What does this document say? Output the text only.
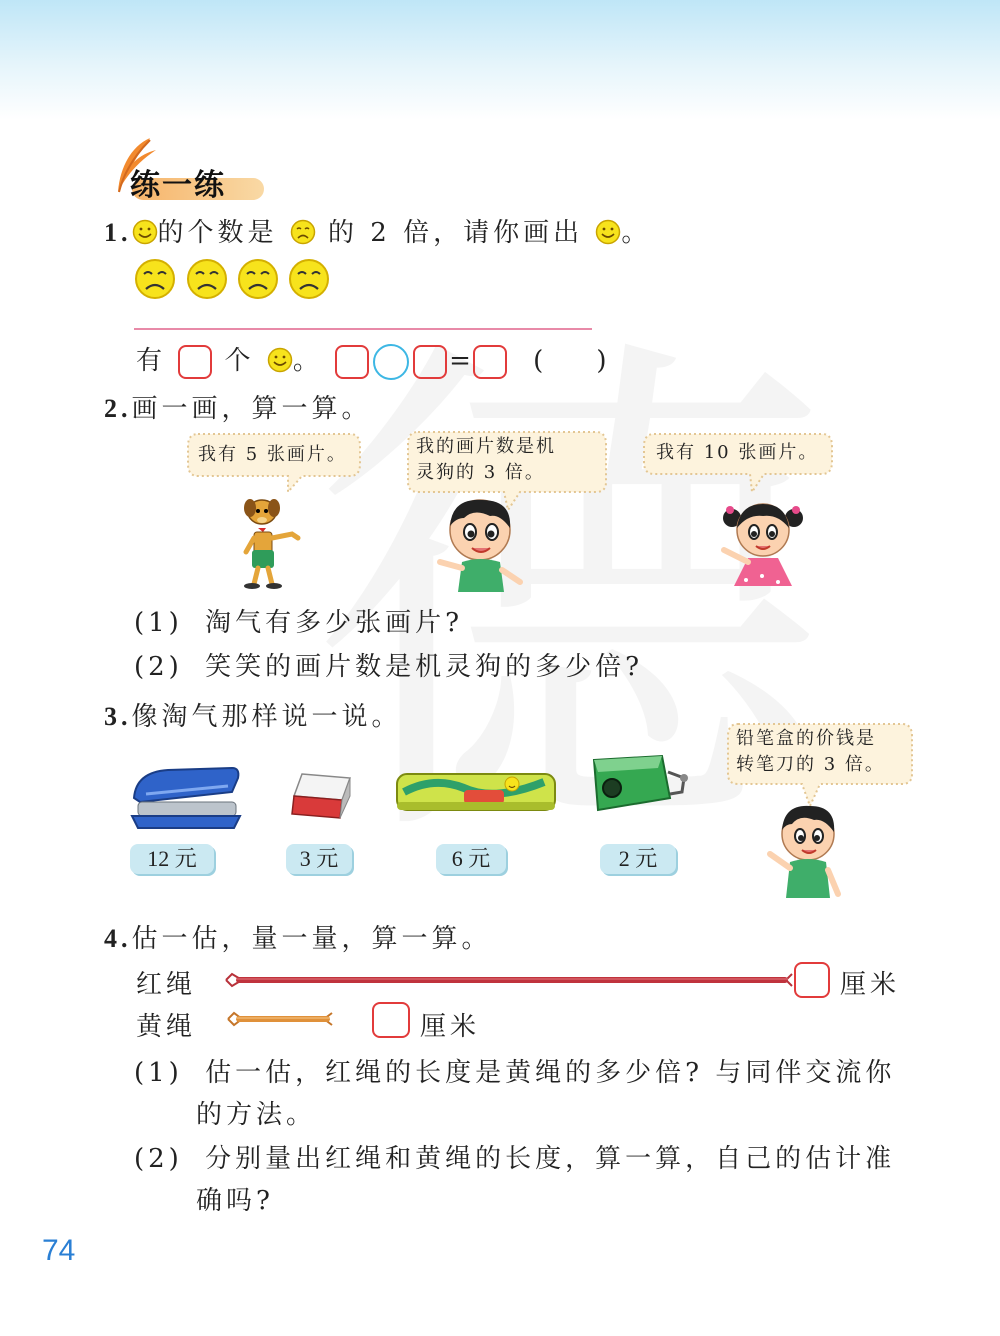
练一练
1. 的个数是 的 2 倍，请你画出 。
有 个 。	= (    )
2.画一画，算一算。
我有 5 张画片。	我的画片数是机
灵狗的 3 倍。
我有 10 张画片。
(1) 淘气有多少张画片?
(2) 笑笑的画片数是机灵狗的多少倍?
3.像淘气那样说一说。
铅笔盒的价钱是
转笔刀的 3 倍。
12 元	3 元	6 元	2 元
4.估一估，量一量，算一算。
红绳	厘米
黄绳	厘米
(1) 估一估，红绳的长度是黄绳的多少倍? 与同伴交流你
的方法。
(2) 分别量出红绳和黄绳的长度，算一算，自己的估计准
确吗?
74
